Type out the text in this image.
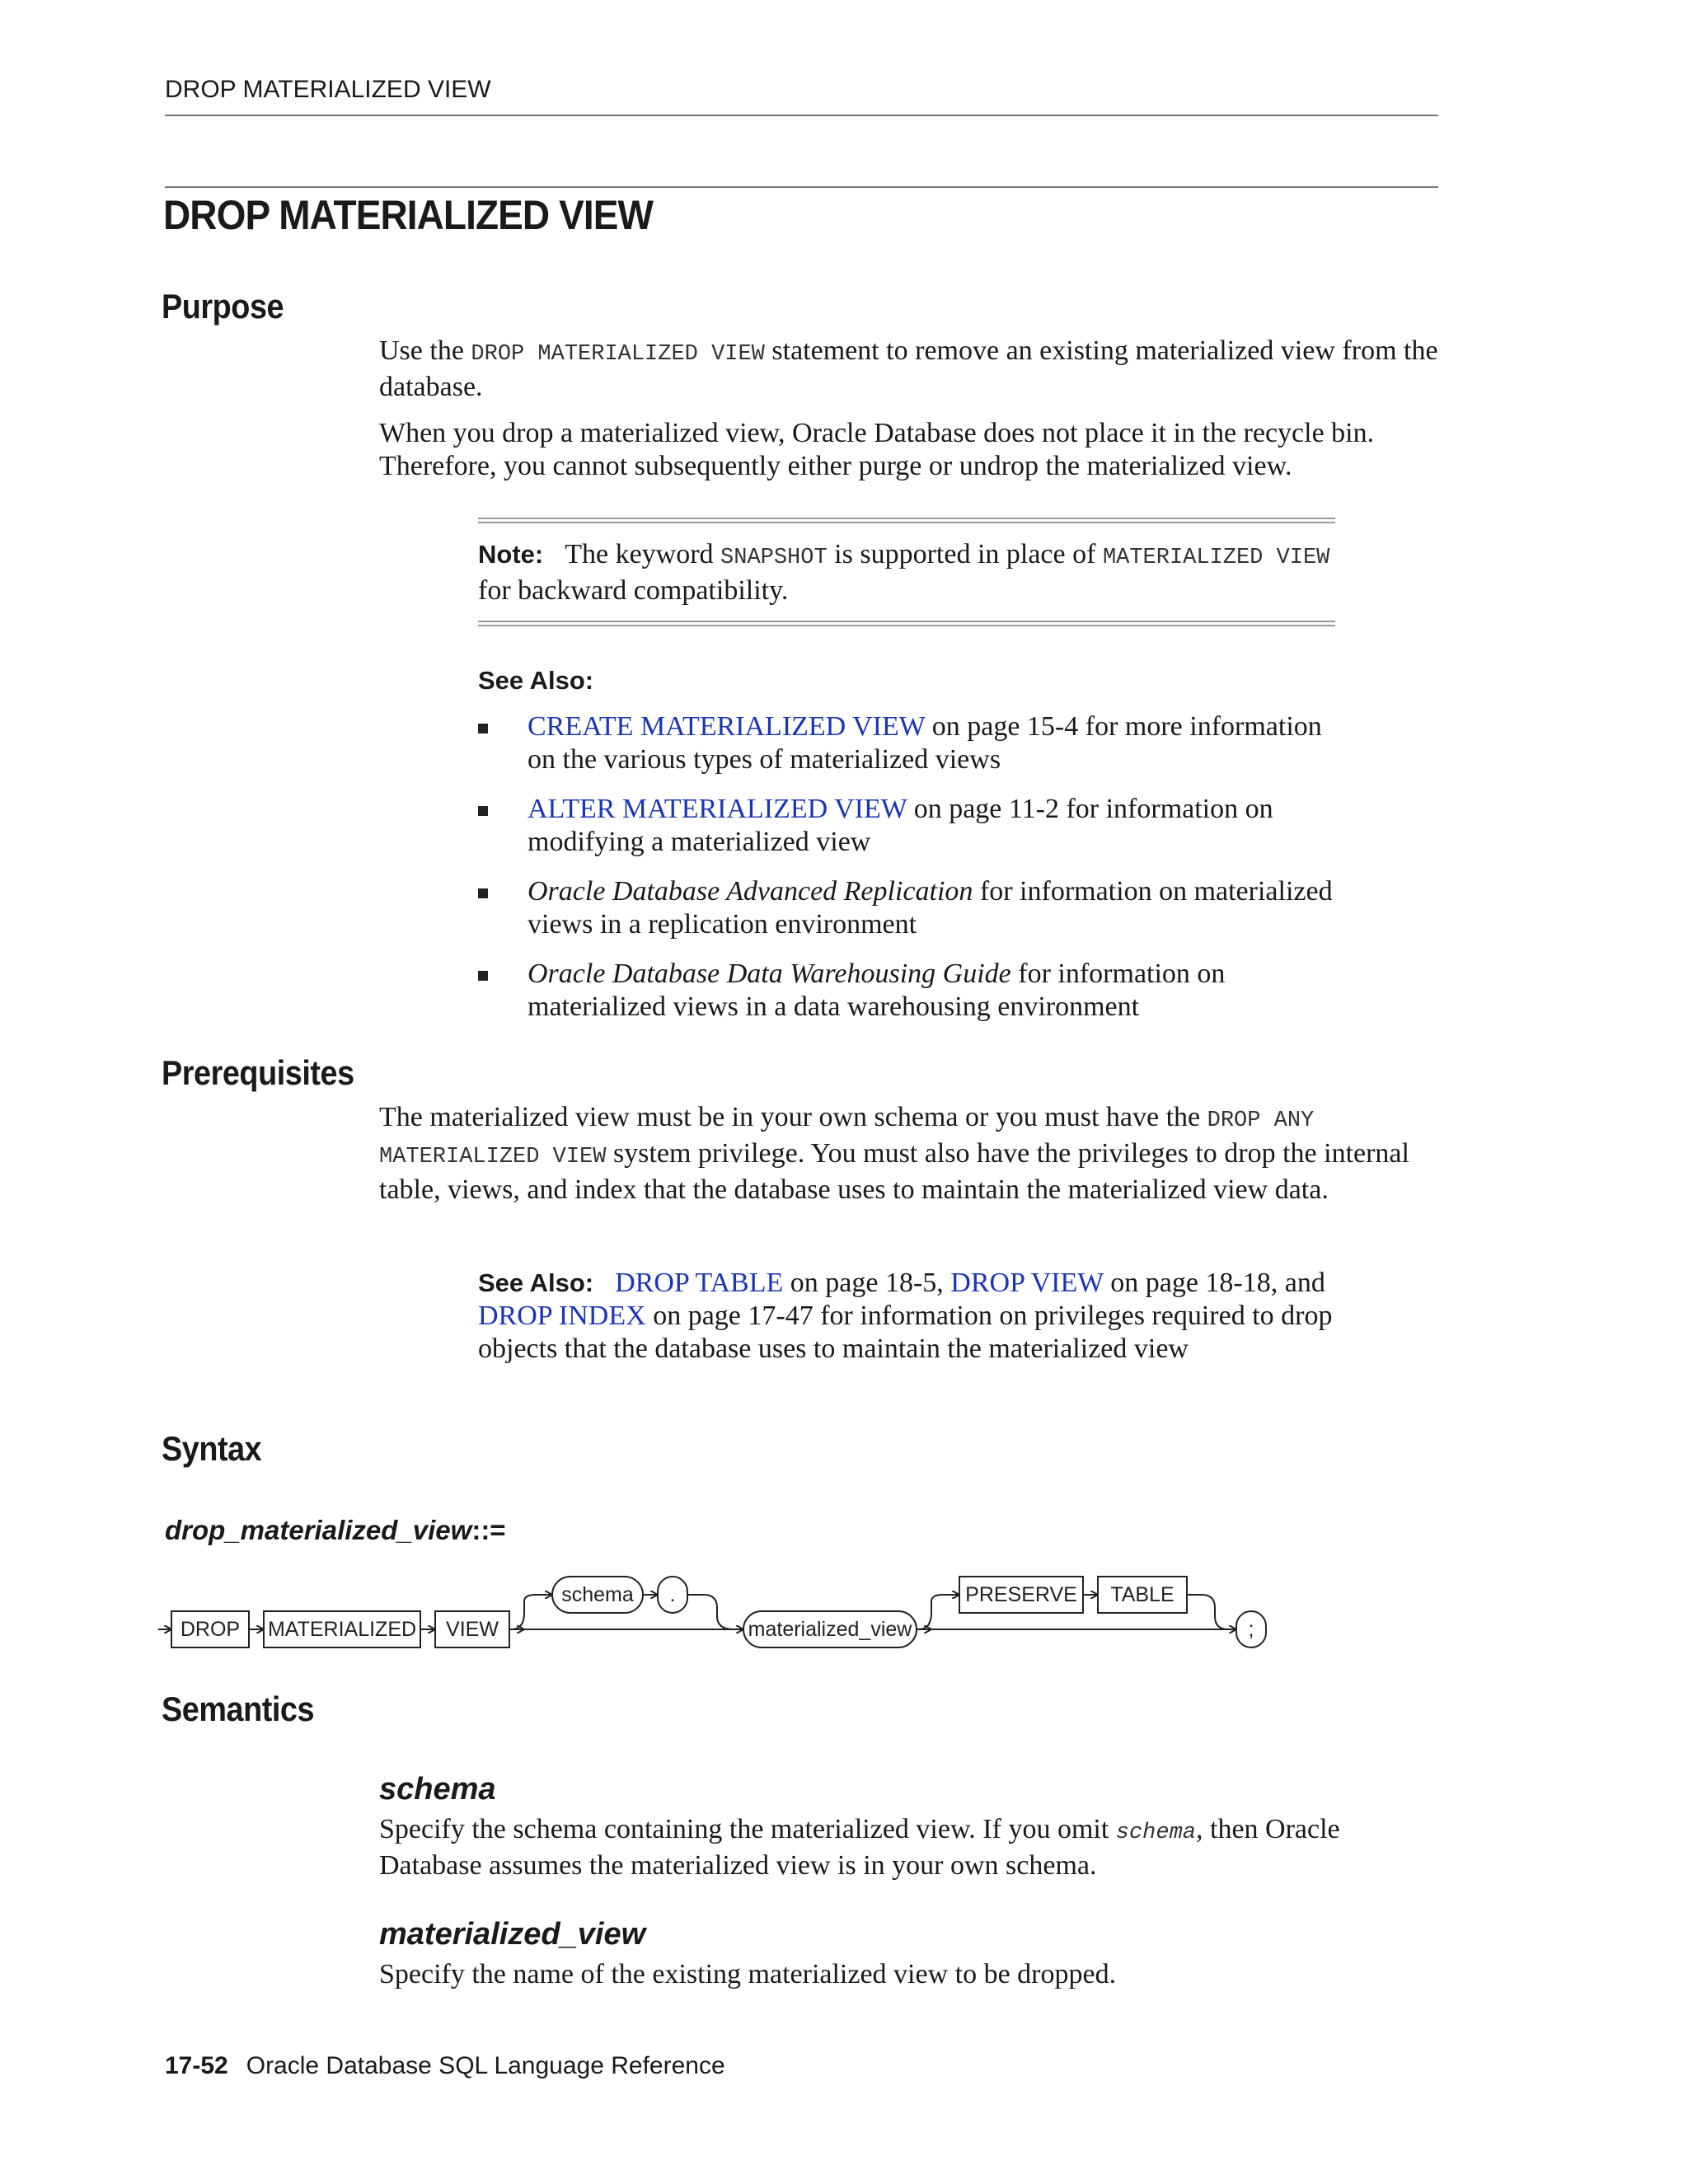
DROP MATERIALIZED VIEW
DROP MATERIALIZED VIEW
Purpose

Use the DROP MATERIALIZED VIEW statement to remove an existing materialized view from the database.

When you drop a materialized view, Oracle Database does not place it in the recycle bin. Therefore, you cannot subsequently either purge or undrop the materialized view.

Note: The keyword SNAPSHOT is supported in place of MATERIALIZED VIEW for backward compatibility.

See Also:
CREATE MATERIALIZED VIEW on page 15-4 for more information on the various types of materialized views
ALTER MATERIALIZED VIEW on page 11-2 for information on modifying a materialized view
Oracle Database Advanced Replication for information on materialized views in a replication environment
Oracle Database Data Warehousing Guide for information on materialized views in a data warehousing environment
Prerequisites

The materialized view must be in your own schema or you must have the DROP ANY MATERIALIZED VIEW system privilege. You must also have the privileges to drop the internal table, views, and index that the database uses to maintain the materialized view data.

See Also: DROP TABLE on page 18-5, DROP VIEW on page 18-18, and DROP INDEX on page 17-47 for information on privileges required to drop objects that the database uses to maintain the materialized view

Syntax
drop_materialized_view::=
DROP MATERIALIZED VIEW
schema .
materialized_view
PRESERVE TABLE
;
Semantics
schema

Specify the schema containing the materialized view. If you omit schema, then Oracle Database assumes the materialized view is in your own schema.

materialized_view

Specify the name of the existing materialized view to be dropped.

17-52 Oracle Database SQL Language Reference
